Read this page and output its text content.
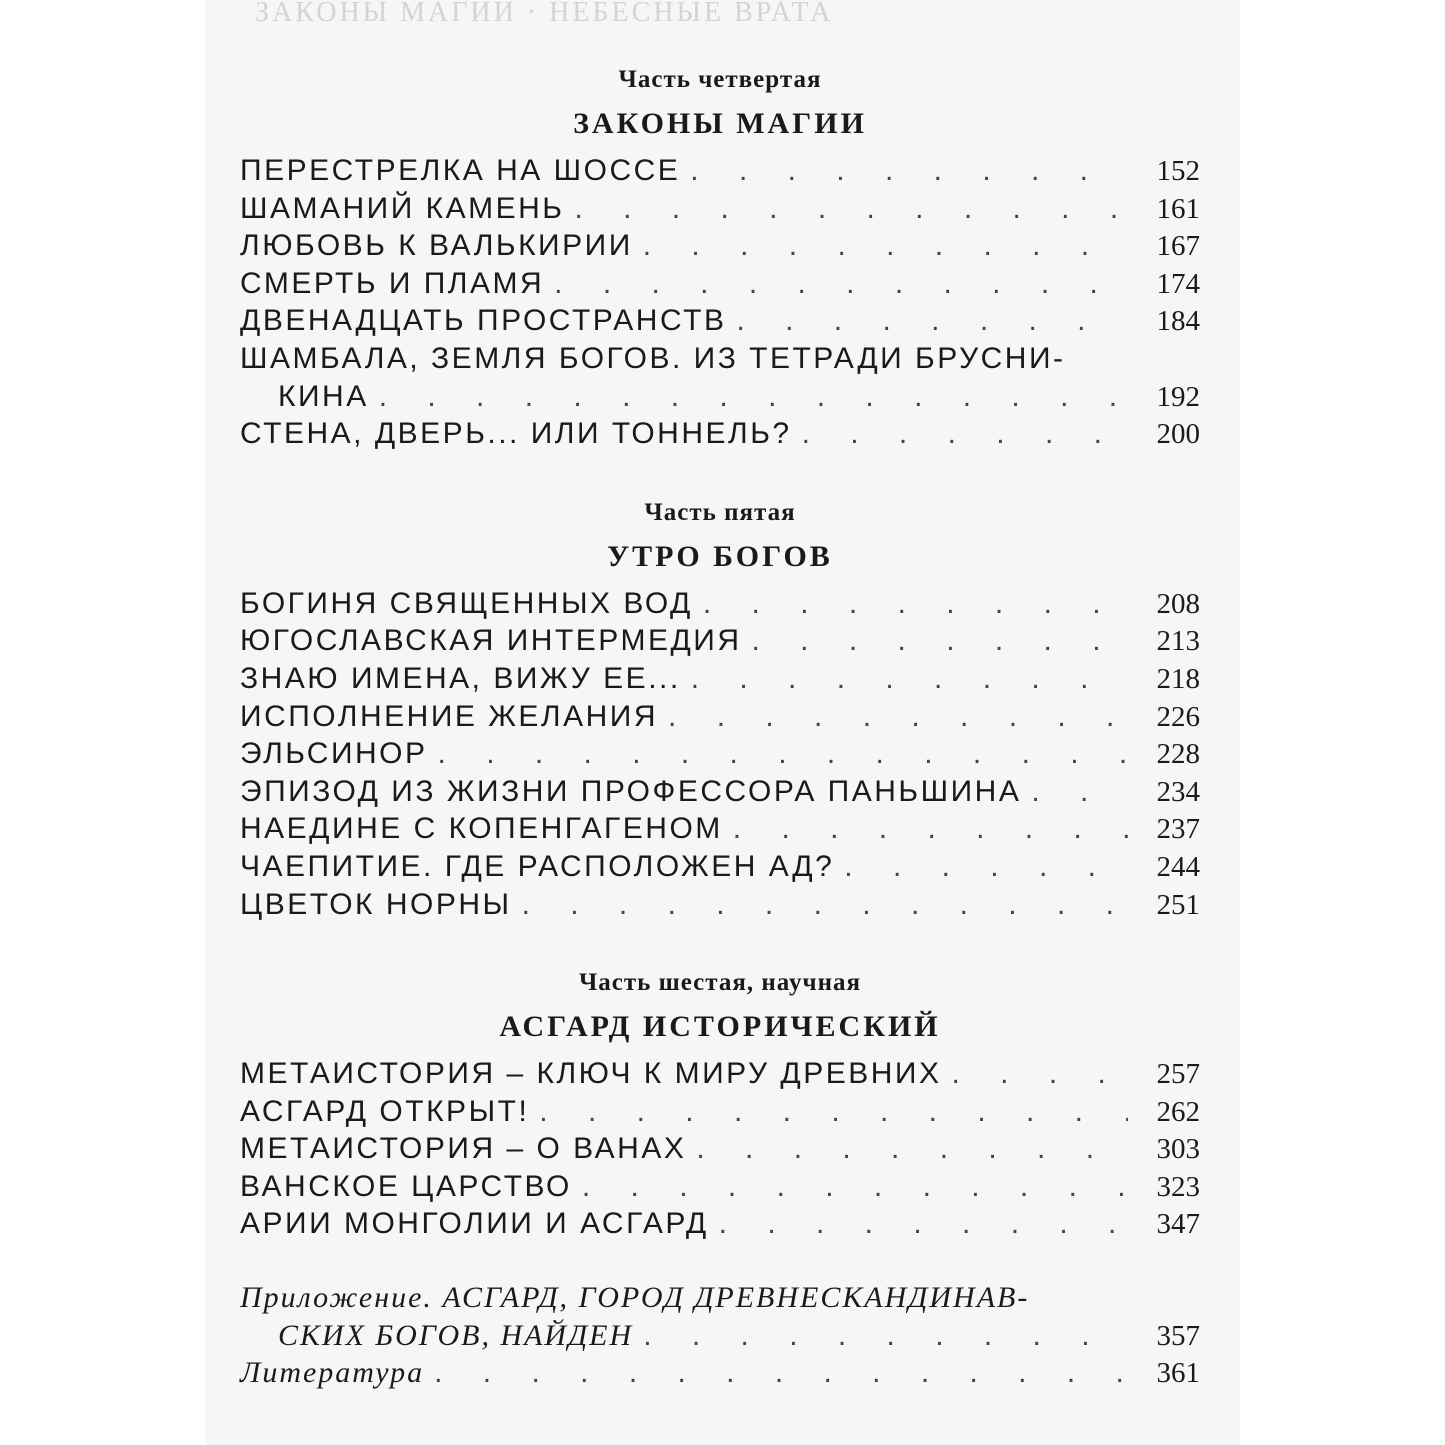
ЗАКОНЫ МАГИИ · НЕБЕСНЫЕ ВРАТА
Часть четвертая
ЗАКОНЫ МАГИИ
ПЕРЕСТРЕЛКА НА ШОССЕ . . .	152
ШАМАНИЙ КАМЕНЬ . . .	161
ЛЮБОВЬ К ВАЛЬКИРИИ . . .	167
СМЕРТЬ И ПЛАМЯ . . .	174
ДВЕНАДЦАТЬ ПРОСТРАНСТВ . . .	184
ШАМБАЛА, ЗЕМЛЯ БОГОВ. ИЗ ТЕТРАДИ БРУСНИ-
КИНА . . .	192
СТЕНА, ДВЕРЬ... ИЛИ ТОННЕЛЬ? . . .	200
Часть пятая
УТРО БОГОВ
БОГИНЯ СВЯЩЕННЫХ ВОД . . .	208
ЮГОСЛАВСКАЯ ИНТЕРМЕДИЯ . . .	213
ЗНАЮ ИМЕНА, ВИЖУ ЕЕ... . . .	218
ИСПОЛНЕНИЕ ЖЕЛАНИЯ . . .	226
ЭЛЬСИНОР . . .	228
ЭПИЗОД ИЗ ЖИЗНИ ПРОФЕССОРА ПАНЬШИНА . . .	234
НАЕДИНЕ С КОПЕНГАГЕНОМ . . .	237
ЧАЕПИТИЕ. ГДЕ РАСПОЛОЖЕН АД? . . .	244
ЦВЕТОК НОРНЫ . . .	251
Часть шестая, научная
АСГАРД ИСТОРИЧЕСКИЙ
МЕТАИСТОРИЯ – КЛЮЧ К МИРУ ДРЕВНИХ . . .	257
АСГАРД ОТКРЫТ! . . .	262
МЕТАИСТОРИЯ – О ВАНАХ . . .	303
ВАНСКОЕ ЦАРСТВО . . .	323
АРИИ МОНГОЛИИ И АСГАРД . . .	347
Приложение. АСГАРД, ГОРОД ДРЕВНЕСКАНДИНАВ-
СКИХ БОГОВ, НАЙДЕН . . .	357
Литература . . .	361
